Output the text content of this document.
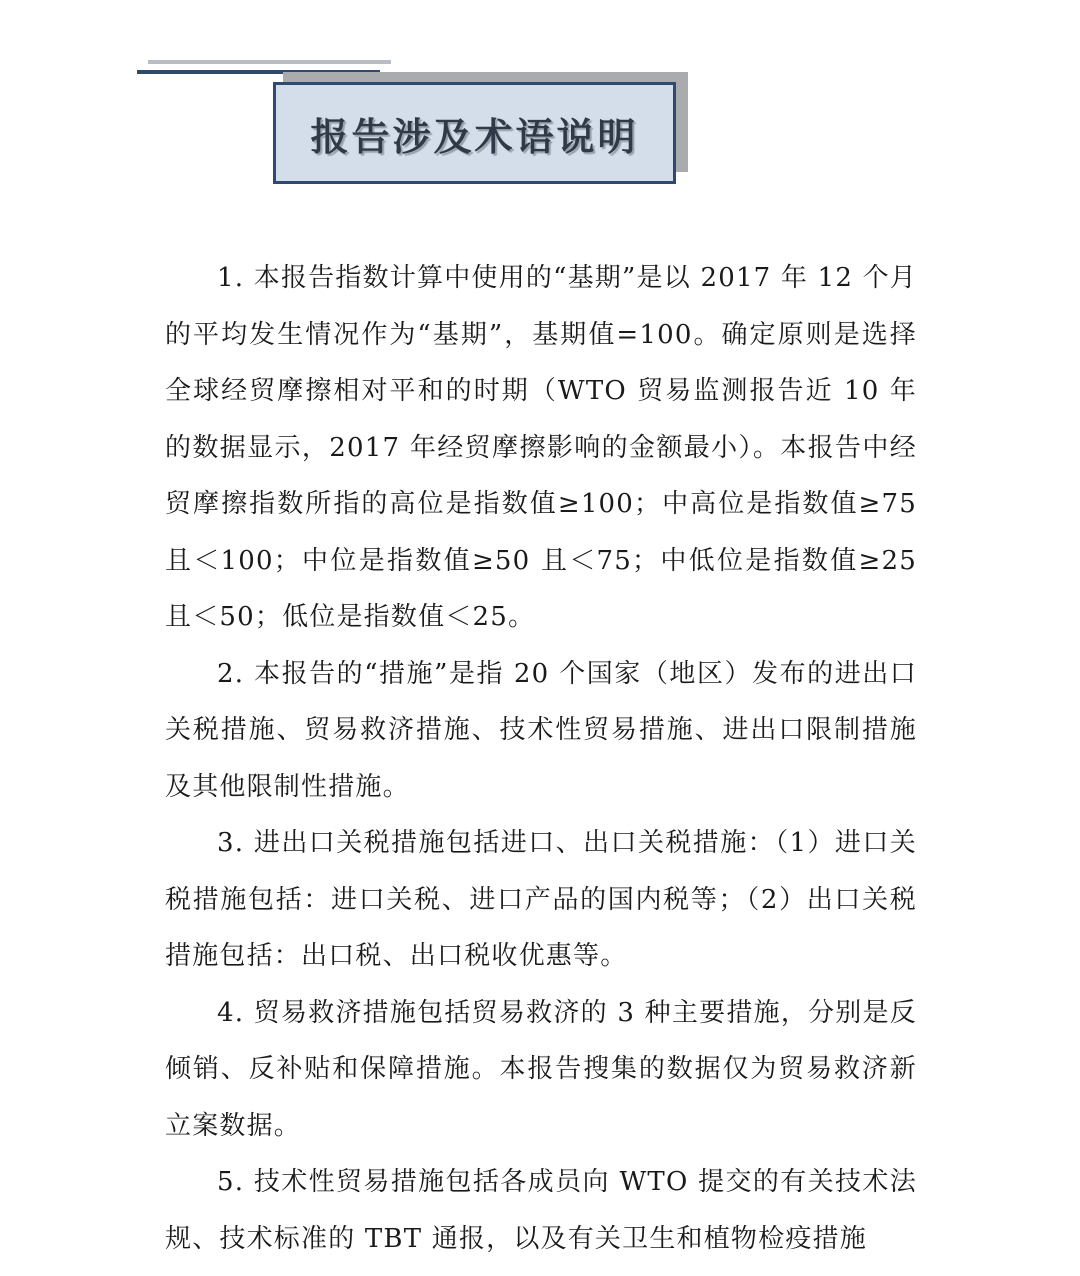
报告涉及术语说明

1. 本报告指数计算中使用的“基期”是以 2017 年 12 个月的平均发生情况作为“基期”，基期值=100。确定原则是选择全球经贸摩擦相对平和的时期（WTO 贸易监测报告近 10 年的数据显示，2017 年经贸摩擦影响的金额最小）。本报告中经贸摩擦指数所指的高位是指数值≥100；中高位是指数值≥75 且＜100；中位是指数值≥50 且＜75；中低位是指数值≥25 且＜50；低位是指数值＜25。

2. 本报告的“措施”是指 20 个国家（地区）发布的进出口关税措施、贸易救济措施、技术性贸易措施、进出口限制措施及其他限制性措施。

3. 进出口关税措施包括进口、出口关税措施：（1）进口关税措施包括：进口关税、进口产品的国内税等；（2）出口关税措施包括：出口税、出口税收优惠等。

4. 贸易救济措施包括贸易救济的 3 种主要措施，分别是反倾销、反补贴和保障措施。本报告搜集的数据仅为贸易救济新立案数据。

5. 技术性贸易措施包括各成员向 WTO 提交的有关技术法规、技术标准的 TBT 通报，以及有关卫生和植物检疫措施
